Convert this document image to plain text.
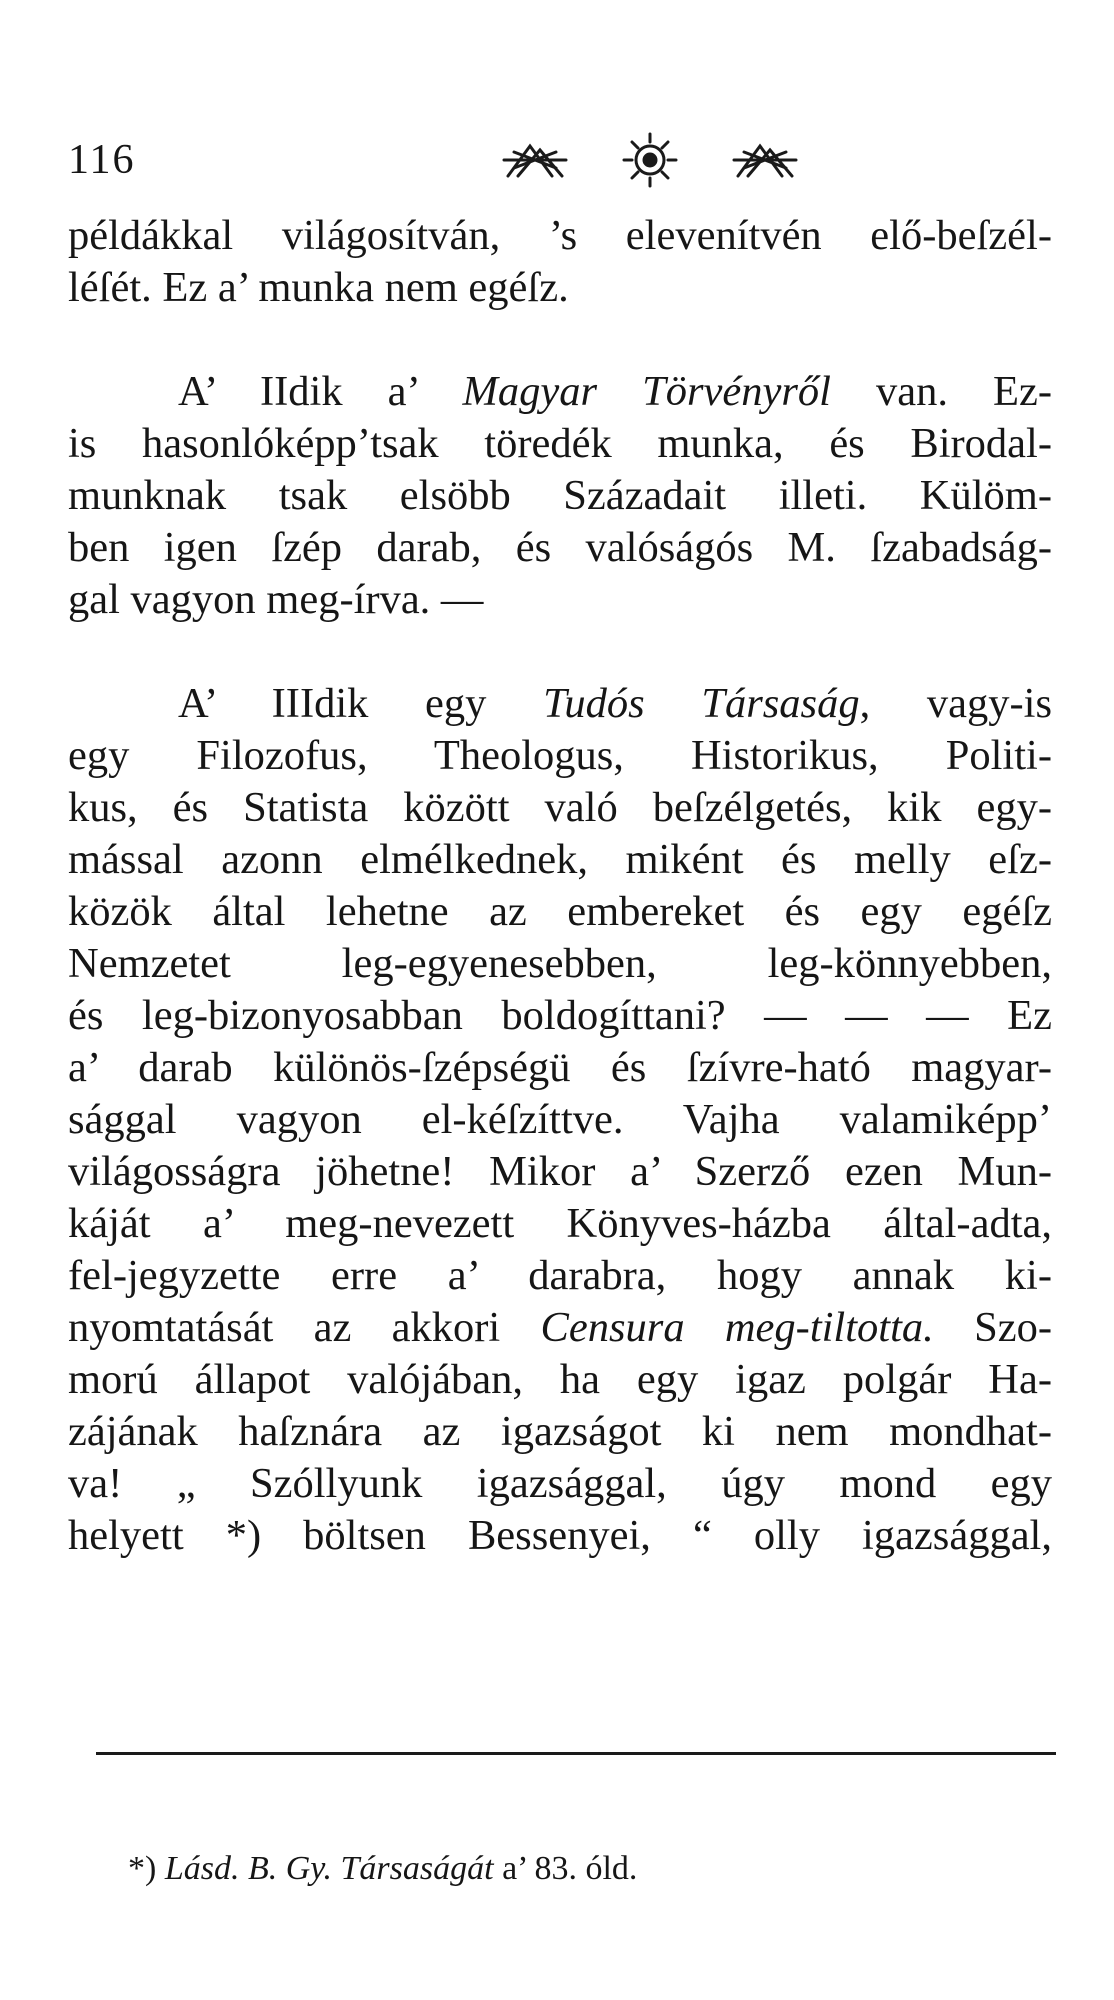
116
példákkal világosítván, ’s elevenítvén elő-beſzél-
léſét. Ez a’ munka nem egéſz.
A’ IIdik a’ Magyar Törvényről van. Ez-
is hasonlóképp’tsak töredék munka, és Birodal-
munknak tsak elsöbb Századait illeti. Külöm-
ben igen ſzép darab, és valóságós M. ſzabadság-
gal vagyon meg-írva. —
A’ IIIdik egy Tudós Társaság, vagy-is
egy Filozofus, Theologus, Historikus, Politi-
kus, és Statista között való beſzélgetés, kik egy-
mással azonn elmélkednek, miként és melly eſz-
közök által lehetne az embereket és egy egéſz
Nemzetet leg-egyenesebben, leg-könnyebben,
és leg-bizonyosabban boldogíttani? — — — Ez
a’ darab különös-ſzépségü és ſzívre-ható magyar-
sággal vagyon el-kéſzíttve. Vajha valamiképp’
világosságra jöhetne! Mikor a’ Szerző ezen Mun-
káját a’ meg-nevezett Könyves-házba által-adta,
fel-jegyzette erre a’ darabra, hogy annak ki-
nyomtatását az akkori Censura meg-tiltotta. Szo-
morú állapot valójában, ha egy igaz polgár Ha-
zájának haſznára az igazságot ki nem mondhat-
va! „ Szóllyunk igazsággal, úgy mond egy
helyett *) böltsen Bessenyei, “ olly igazsággal,
*) Lásd. B. Gy. Társaságát a’ 83. óld.
